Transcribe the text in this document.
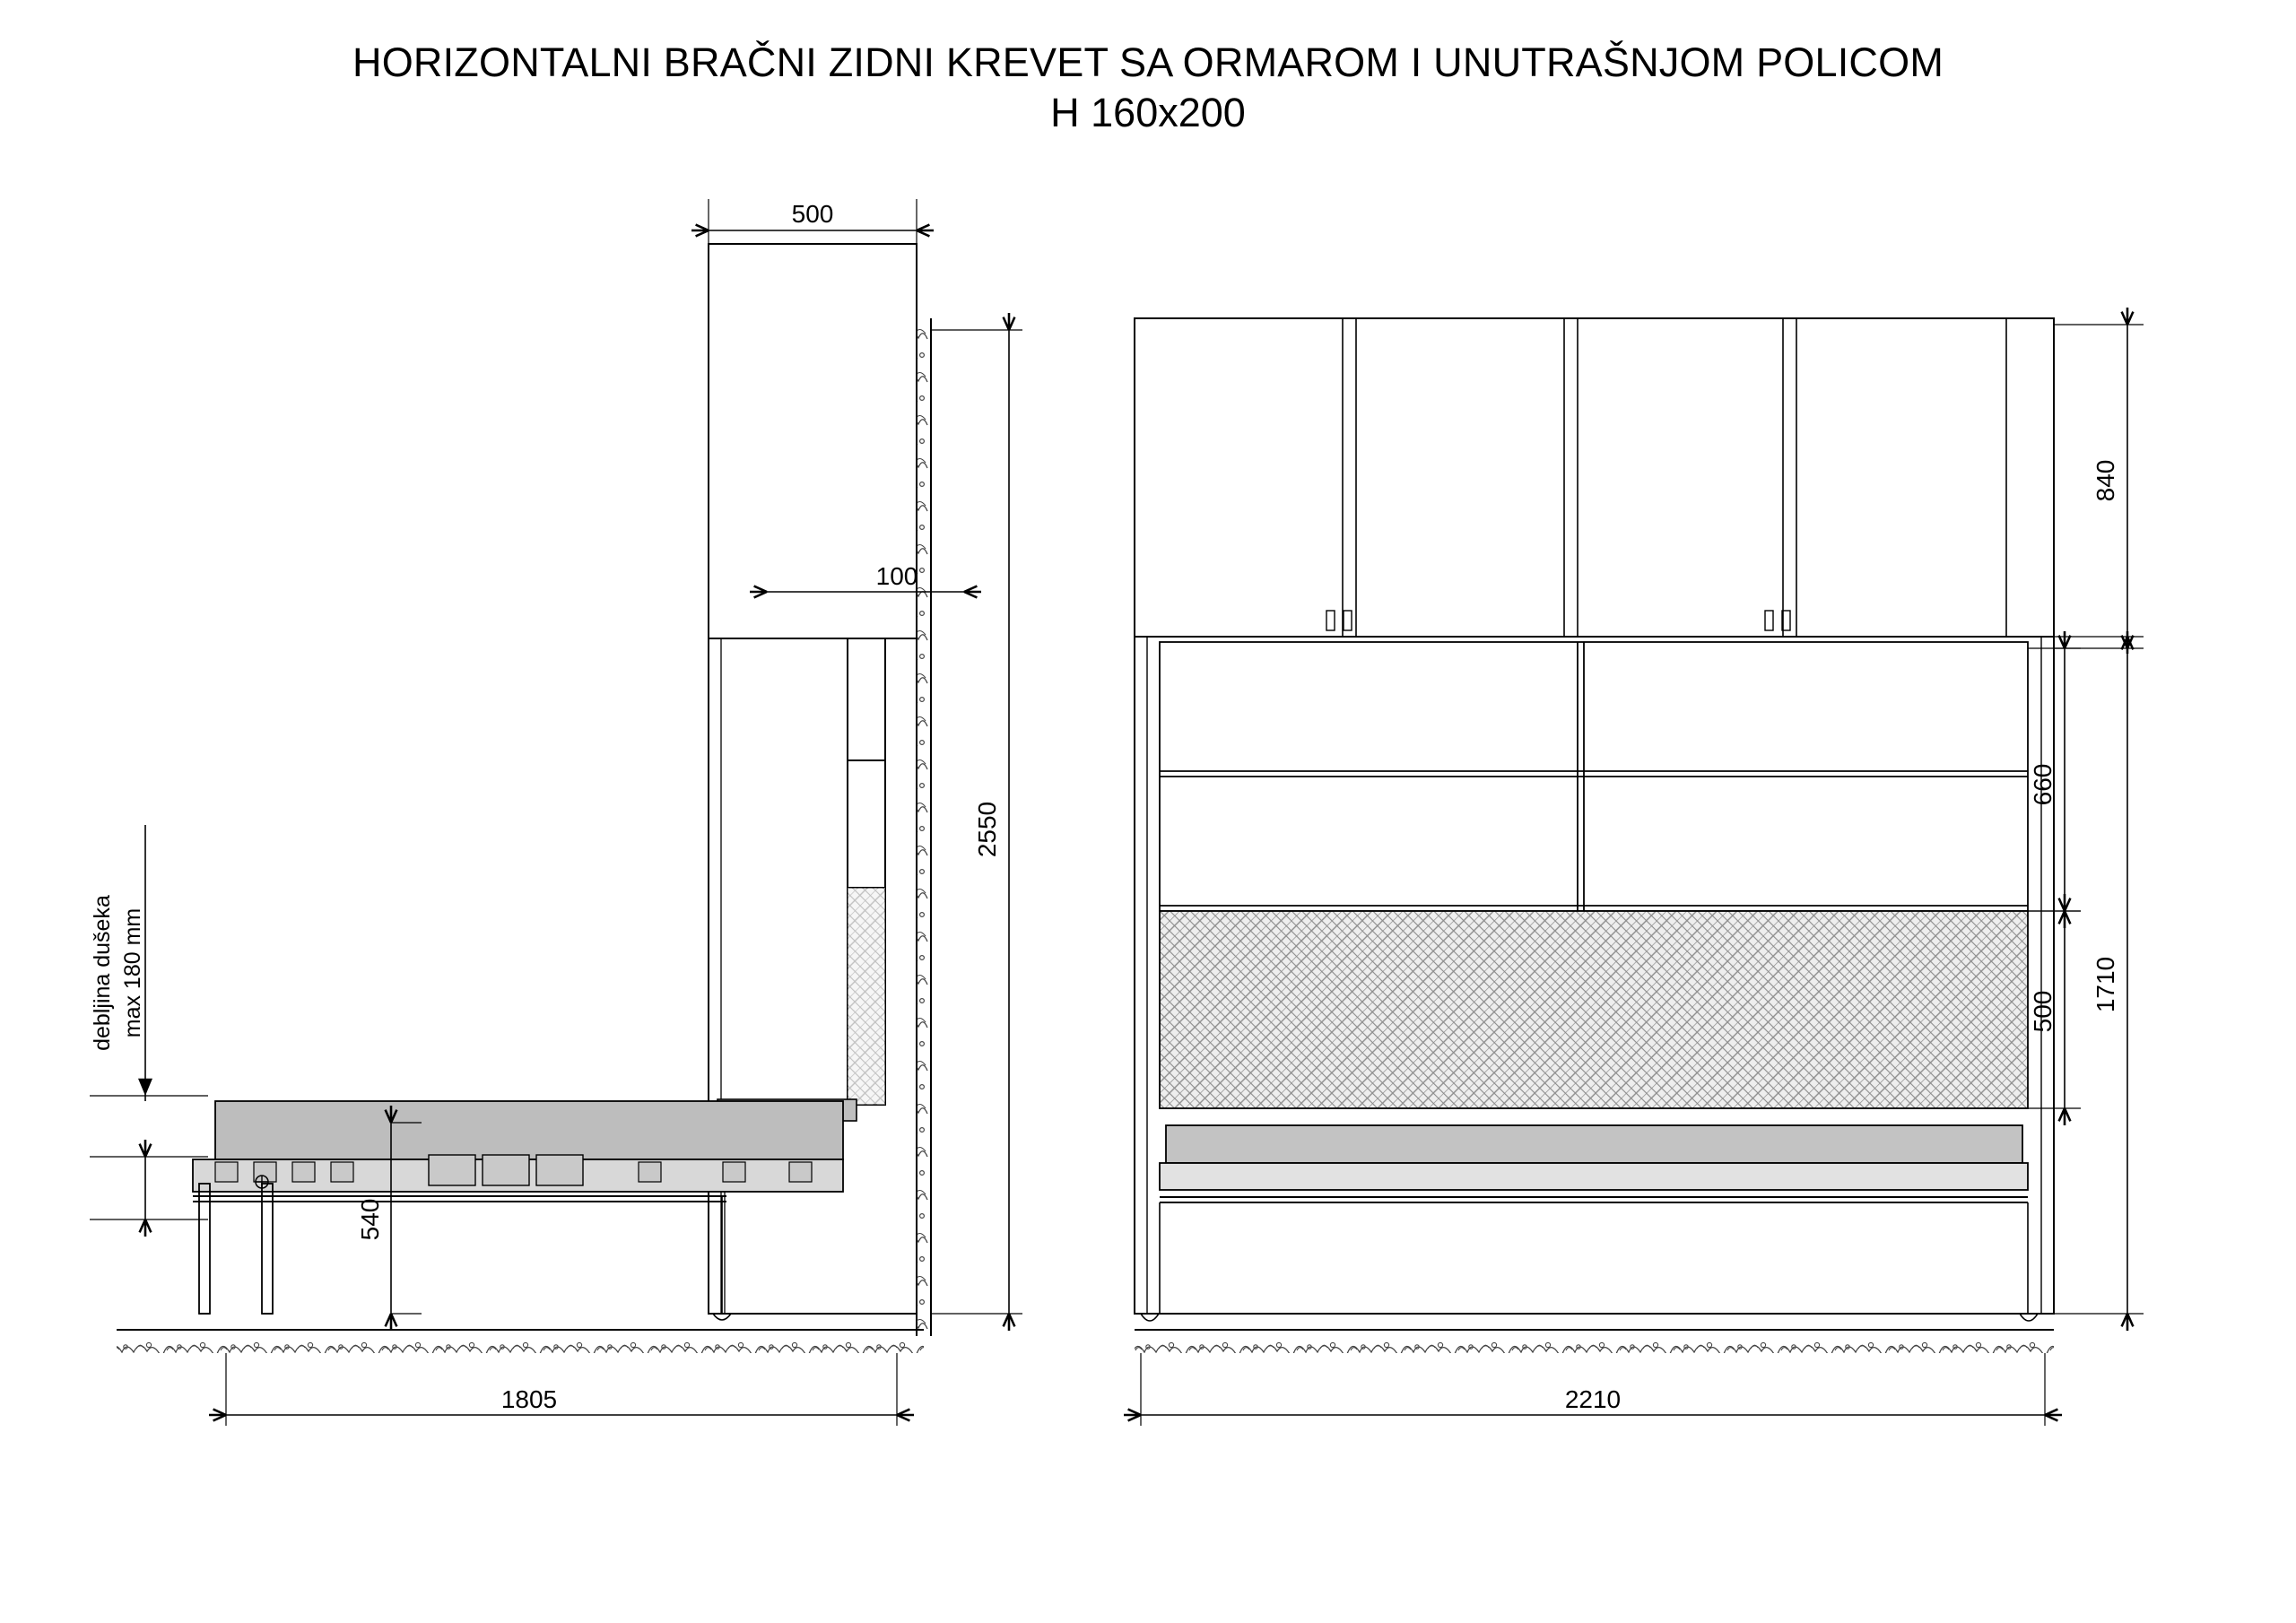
HORIZONTALNI BRAČNI ZIDNI KREVET SA ORMAROM I UNUTRAŠNJOM POLICOM
H 160x200
500
100
2550
540
1805
debljina dušeka max 180 mm
840
660
500 1710
2210
